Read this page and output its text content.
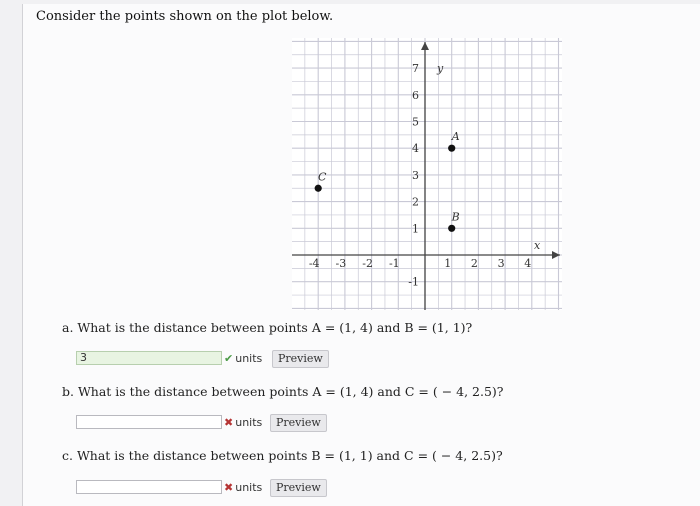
Consider the points shown on the plot below.
-4 -3 -2 -1	1 2 3 4
7
6
5
4
3
2
1
-1
x
y
A
B
C
a. What is the distance between points A = (1, 4) and B = (1, 1)?
3	✔ units	Preview
b. What is the distance between points A = (1, 4) and C = ( − 4, 2.5)?
✖ units	Preview
c. What is the distance between points B = (1, 1) and C = ( − 4, 2.5)?
✖ units	Preview
